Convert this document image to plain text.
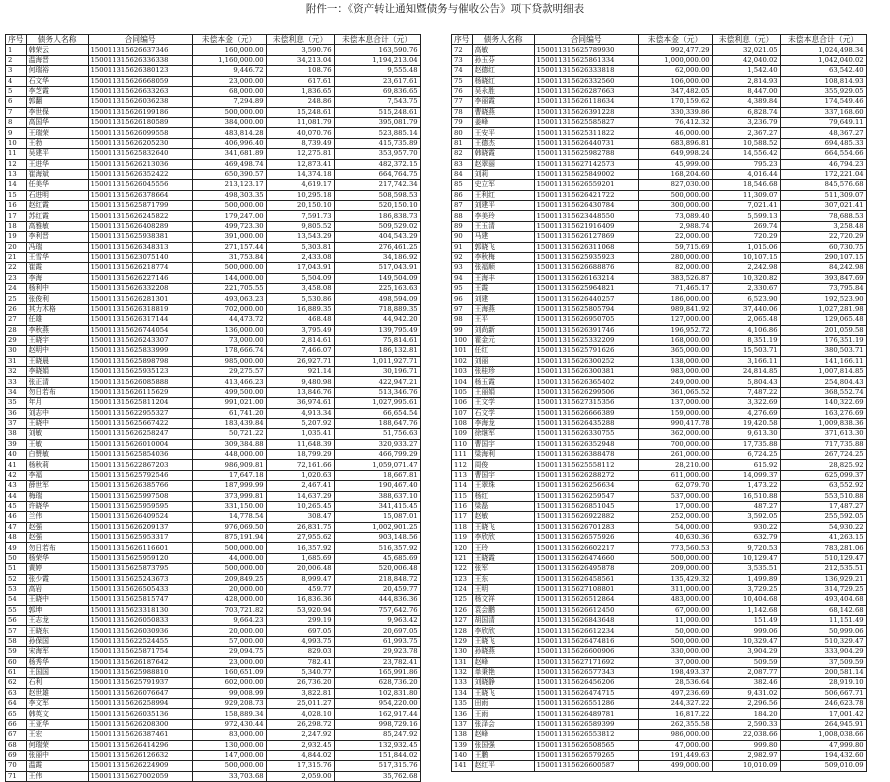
附件一：《资产转让通知暨债务与催收公告》项下贷款明细表
序号	债务人名称	合同编号	未偿本金（元）	未偿利息（元）	未偿本息合计（元）
1	韩荣云	150011315626637346	160,000.00	3,590.76	163,590.76
2	温海晋	150011315626336338	1,160,000.00	34,213.04	1,194,213.04
3	何瑞裕	150011315626380123	9,446.72	108.76	9,555.48
4	石文华	150011315626668059	23,000.00	617.61	23,617.61
5	李芝霞	150011315626633263	68,000.00	1,836.65	69,836.65
6	郭翻	150011315626036238	7,294.89	248.86	7,543.75
7	李世保	150011315626199186	500,000.00	15,248.61	515,248.61
8	高国华	150011315626180589	384,000.00	11,081.79	395,081.79
9	王瑞荣	150011315626099558	483,814.28	40,070.76	523,885.14
10	王勃	150011315626205230	406,996.40	8,739.49	415,735.89
11	吴建平	150011315625832640	341,681.89	12,275.81	353,957.70
12	王进华	150011315626213036	469,498.74	12,873.41	482,372.15
13	崔海斌	150011315626352422	650,390.57	14,374.18	664,764.75
14	任美华	150011315626045556	213,123.17	4,619.17	217,742.34
15	石进明	150011315626378664	498,303.35	10,295.18	508,598.53
16	赵红霞	150011315625871799	500,000.00	20,150.10	520,150.10
17	苏红霞	150011315626245822	179,247.00	7,591.73	186,838.73
18	高雅敏	150011315626408289	499,723.30	9,805.52	509,529.02
19	李利晋	150011315625938381	391,000.00	13,543.29	404,543.29
20	冯瑞	150011315626348313	271,157.44	5,303.81	276,461.25
21	王雪华	150011315623075140	31,753.84	2,433.08	34,186.92
22	崔霞	150011315626218774	500,000.00	17,043.91	517,043.91
23	李海	150011315626227146	144,000.00	5,504.09	149,504.09
24	杨利中	150011315626332208	221,705.55	3,458.08	225,163.63
25	张俊利	150011315626281301	493,063.23	5,530.86	498,594.09
26	其力木格	150011315626318819	702,000.00	16,889.35	718,889.35
27	任雄	150011315626317144	44,473.72	468.48	44,942.20
28	李秋燕	150011315626744054	136,000.00	3,795.49	139,795.49
29	王晓宇	150011315626243307	73,000.00	2,814.61	75,814.61
30	赵明中	150011315625833999	178,666.74	7,466.07	186,132.81
31	王晓晨	150011315625898798	985,000.00	26,927.71	1,011,927.71
32	李晓娟	150011315625935123	29,275.57	921.14	30,196.71
33	张正清	150011315626085888	413,466.23	9,480.98	422,947.21
34	勿日若布	150011315626115629	499,500.00	13,846.76	513,346.76
35	年月	150011315625811204	991,021.00	36,974.61	1,027,995.61
36	刘志中	150011315622955327	61,741.20	4,913.34	66,654.54
37	王晓中	150011315625667422	183,439.84	5,207.92	188,647.76
38	刘敏	150011315626258247	50,721.22	1,035.41	51,756.63
39	王敏	150011315626010004	309,384.88	11,648.39	320,933.27
40	白赞敏	150011315625854036	448,000.00	18,799.29	466,799.29
41	杨秋莉	150011315622867203	986,909.81	72,161.66	1,059,071.47
42	李福	150011315625792546	17,647.18	1,020.63	18,667.81
43	薛世军	150011315626385766	187,999.99	2,467.41	190,467.40
44	梅瑞	150011315625997508	373,999.81	14,637.29	388,637.10
45	许晓华	150011315625959595	331,150.00	10,265.45	341,415.45
46	兰伟	150011315626409524	14,778.54	308.47	15,087.01
47	赵强	150011315626209137	976,069.50	26,831.75	1,002,901.25
48	赵强	150011315625953317	875,191.94	27,955.62	903,148.56
49	勿日若布	150011315626116601	500,000.00	16,357.92	516,357.92
50	杨荣华	150011315625959120	44,000.00	1,685.69	45,685.69
51	黄婷	150011315625873795	500,000.00	20,006.48	520,006.48
52	张少霞	150011315625243673	209,849.25	8,999.47	218,848.72
53	高岩	150011315626505433	20,000.00	459.77	20,459.77
54	王晓中	150011315625815747	428,000.00	16,836.36	444,836.36
55	郭坤	150011315623318130	703,721.82	53,920.94	757,642.76
56	王志龙	150011315626050833	9,664.23	299.19	9,963.42
57	王晓东	150011315626030936	20,000.00	697.05	20,697.05
58	孙保国	150011315622524455	57,000.00	4,993.75	61,993.75
59	宋海军	150011315625871754	29,094.75	829.03	29,923.78
60	杨秀华	150011315626187642	23,000.00	782.41	23,782.41
61	王国国	150011315625988810	160,651.09	5,340.77	165,991.86
62	石利	150011315625791937	602,000.00	26,736.20	628,736.20
63	赵世雄	150011315626076647	99,008.99	3,822.81	102,831.80
64	李文军	150011315626258994	929,208.73	25,011.27	954,220.00
65	韩英文	150011315626035136	158,889.34	4,028.10	162,917.44
66	王亚华	150011315626208300	972,430.44	26,298.72	998,729.16
67	王宏	150011315626387461	83,000.00	2,247.92	85,247.92
68	何瑞荣	150011315626414296	130,000.00	2,932.45	132,932.45
69	张丽中	150011315626126632	147,000.00	4,844.02	151,844.02
70	温霞	150011315626224909	500,000.00	17,315.76	517,315.76
71	王伟	150011315627002059	33,703.68	2,059.00	35,762.68
序号	债务人名称	合同编号	未偿本金（元）	未偿利息（元）	未偿本息合计（元）
72	高敏	150011315625789930	992,477.29	32,021.05	1,024,498.34
73	孙玉芬	150011315625861334	1,000,000.00	42,040.02	1,042,040.02
74	赵德红	150011315626333818	62,000.00	1,542.40	63,542.40
75	杨晓红	150011315626332560	106,000.00	2,814.93	108,814.93
76	吴永胜	150011315626287663	347,482.05	8,447.00	355,929.05
77	李丽霞	150011315626118634	170,159.62	4,389.84	174,549.46
78	曹晓燕	150011315626391228	330,339.86	6,828.74	337,168.60
79	姜峰	150011315625585827	76,412.32	3,236.79	79,649.11
80	王安平	150011315625311822	46,000.00	2,367.27	48,367.27
81	王德杰	150011315626440731	683,896.81	10,588.52	694,485.33
82	韩晓霞	150011315625982788	649,998.24	14,556.42	664,554.66
83	赵翠丽	150011315627142573	45,999.00	795.23	46,794.23
84	刘莉	150011315625849002	168,204.60	4,016.44	172,221.04
85	史立军	150011315626559201	827,030.00	18,546.68	845,576.68
86	王利红	150011315626421722	500,000.00	11,309.07	511,309.07
87	刘建平	150011315626430784	300,000.00	7,021.41	307,021.41
88	李美玲	150011315623448550	73,089.40	5,599.13	78,688.53
89	王玉清	150011315621916409	2,988.74	269.74	3,258.48
90	马建	150011315626127869	22,000.00	720.29	22,720.29
91	郭晓飞	150011315626311068	59,715.69	1,015.06	60,730.75
92	李秋梅	150011315625935923	280,000.00	10,107.15	290,107.15
93	张福顺	150011315626688876	82,000.00	2,242.98	84,242.98
94	王海丰	150011315626163214	383,526.87	10,320.82	393,847.69
95	王霞	150011315625964821	71,465.17	2,330.67	73,795.84
96	刘建	150011315626440257	186,000.00	6,523.90	192,523.90
97	王海燕	150011315625805794	989,841.92	37,440.06	1,027,281.98
98	王平	150011315626950705	127,000.00	2,065.48	129,065.48
99	刘尚新	150011315626391746	196,952.72	4,106.86	201,059.58
100	霍金元	150011315625332209	168,000.00	8,351.19	176,351.19
101	任红	150011315625791626	365,000.00	15,503.71	380,503.71
102	刘丽	150011315626300252	138,000.00	3,166.11	141,166.11
103	张桂珍	150011315626300381	983,000.00	24,814.85	1,007,814.85
104	杨玉霞	150011315626365402	249,000.00	5,804.43	254,804.43
105	王丽娟	150011315626299506	361,065.52	7,487.22	368,552.74
106	王文学	150011315627315356	137,000.00	3,322.69	140,322.69
107	石文学	150011315626666389	159,000.00	4,276.69	163,276.69
108	李海龙	150011315626435288	990,417.78	19,420.58	1,009,838.36
109	徐继军	150011315626330755	362,000.00	9,613.30	371,613.30
110	曹国宇	150011315626352948	700,000.00	17,735.88	717,735.88
111	梁海利	150011315626388478	261,000.00	6,724.25	267,724.25
112	周俊	150011315625558112	28,210.00	615.92	28,825.92
113	曹国宇	150011315626288272	611,000.00	14,099.37	625,099.37
114	王翠珠	150011315626256634	62,079.70	1,473.22	63,552.92
115	杨红	150011315626259547	537,000.00	16,510.88	553,510.88
116	梁磊	150011315626851045	17,000.00	487.27	17,487.27
117	赵敏	150011315626922882	252,000.00	3,592.05	255,592.05
118	王晓飞	150011315626701283	54,000.00	930.22	54,930.22
119	李欣欣	150011315626575926	40,630.36	632.79	41,263.15
120	王玲	150011315626602217	773,560.53	9,720.53	783,281.06
121	王晓霞	150011315626474660	500,000.00	10,129.47	510,129.47
122	张军	150011315626495878	209,000.00	3,535.51	212,535.51
123	王东	150011315626458561	135,429.32	1,499.89	136,929.21
124	王明	150011315627108801	311,000.00	3,729.25	314,729.25
125	杨文祥	150011315626512864	483,000.00	10,404.68	493,404.68
126	袁会鹏	150011315626612450	67,000.00	1,142.68	68,142.68
127	胡国清	150011315626843648	11,000.00	151.49	11,151.49
128	李欣欣	150011315626612234	50,000.00	999.06	50,999.06
129	王晓飞	150011315626474816	500,000.00	10,329.47	510,329.47
130	孙晓燕	150011315626600906	330,000.00	3,904.29	333,904.29
131	赵峰	150011315627171692	37,000.00	509.59	37,509.59
132	单秉艳	150011315626577343	198,493.37	2,087.77	200,581.14
133	刘晓静	150011315626456206	28,536.64	382.46	28,919.10
134	王晓飞	150011315626474715	497,236.69	9,431.02	506,667.71
135	田雨	150011315626551286	244,327.22	2,296.56	246,623.78
136	王雨	150011315626489781	16,817.22	184.20	17,001.42
137	张泽会	150011315626589399	262,355.58	2,590.33	264,945.91
138	赵峰	150011315626553812	986,000.00	22,038.66	1,008,038.66
139	张国强	150011315626508565	47,000.00	999.80	47,999.80
140	王鹏	150011315626579265	191,449.63	2,982.97	194,432.60
141	赵红平	150011315626600587	499,000.00	10,010.09	509,010.09
